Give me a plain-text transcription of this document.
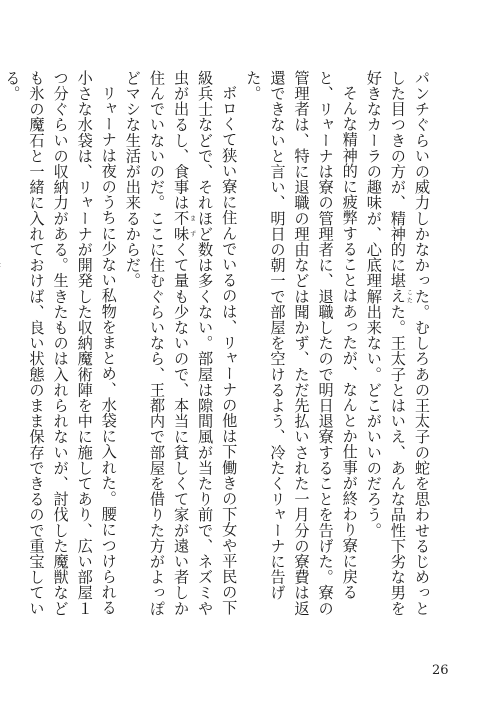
パンチぐらいの威力しかなかった。むしろあの王太子の蛇を思わせるじめっとした目つきの方が、精神的に堪えこたた。王太子とはいえ、あんな品性下劣な男を好きなカーラの趣味が、心底理解出来ない。どこがいいのだろう。

そんな精神的に疲弊することはあったが、なんとか仕事が終わり寮に戻ると、リャーナは寮の管理者に、退職したので明日退寮することを告げた。寮の管理者は、特に退職の理由などは聞かず、ただ先払いされた一月分の寮費は返還できないと言い、明日の朝一で部屋を空けるよう、冷たくリャーナに告げた。

ボロくて狭い寮に住んでいるのは、リャーナの他は下働きの下女や平民の下級兵士などで、それほど数は多くない。部屋は隙間風が当たり前で、ネズミや虫が出るし、食事は不ま味ずくて量も少ないので、本当に貧しくて家が遠い者しか住んでいないのだ。ここに住むぐらいなら、王都内で部屋を借りた方がよっぽどマシな生活が出来るからだ。

リャーナは夜のうちに少ない私物をまとめ、水袋に入れた。腰につけられる小さな水袋は、リャーナが開発した収納魔術陣を中に施してあり、広い部屋１つ分ぐらいの収納力がある。生きたものは入れられないが、討伐した魔獣なども氷の魔石と一緒に入れておけば、良い状態のまま保存できるので重宝している。

26
